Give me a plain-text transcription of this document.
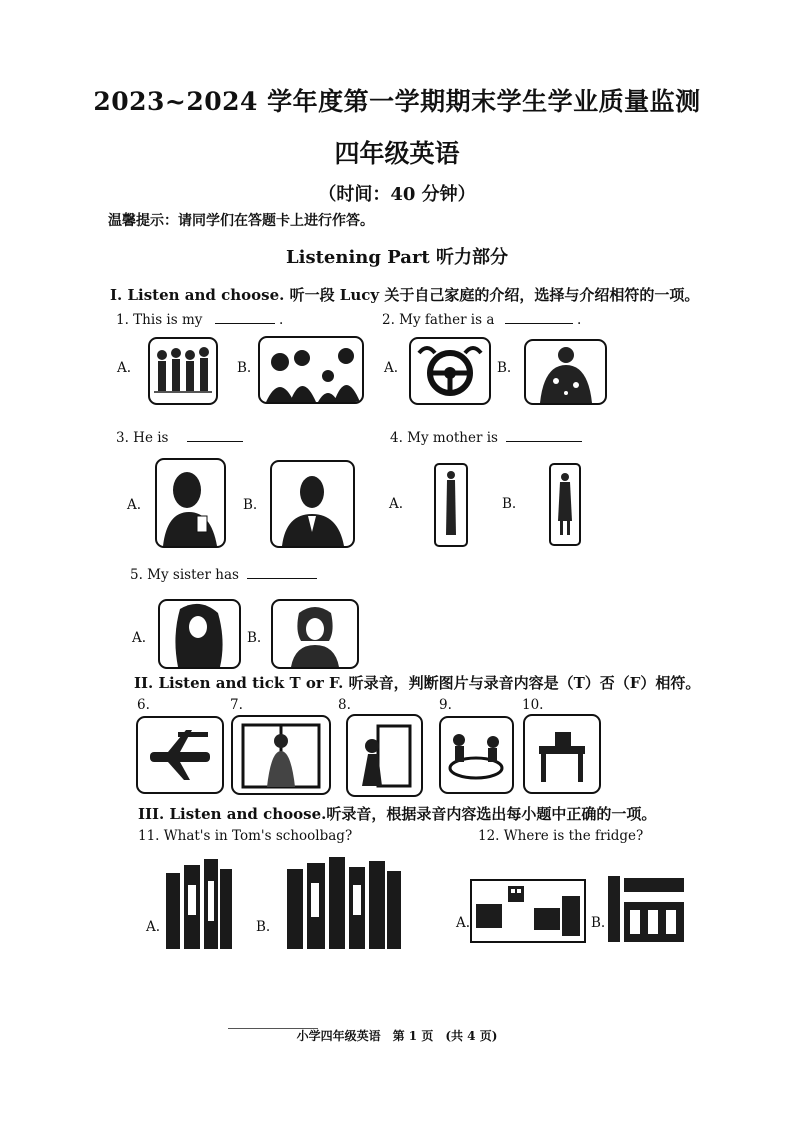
2023~2024 学年度第一学期期末学生学业质量监测
四年级英语
（时间：40 分钟）
温馨提示：请同学们在答题卡上进行作答。
Listening Part 听力部分
I. Listen and choose. 听一段 Lucy 关于自己家庭的介绍，选择与介绍相符的一项。
1. This is my	.	2. My father is a	.
A.	B.	A.	B.
3. He is	4. My mother is
A.	B.	A.	B.
5. My sister has
A.	B.
II. Listen and tick T or F. 听录音，判断图片与录音内容是（T）否（F）相符。
6.	7.	8.	9.	10.
III. Listen and choose.听录音，根据录音内容选出每小题中正确的一项。
11. What's in Tom's schoolbag?	12. Where is the fridge?
A.	B.	A.	B.
小学四年级英语　第 1 页　(共 4 页)
